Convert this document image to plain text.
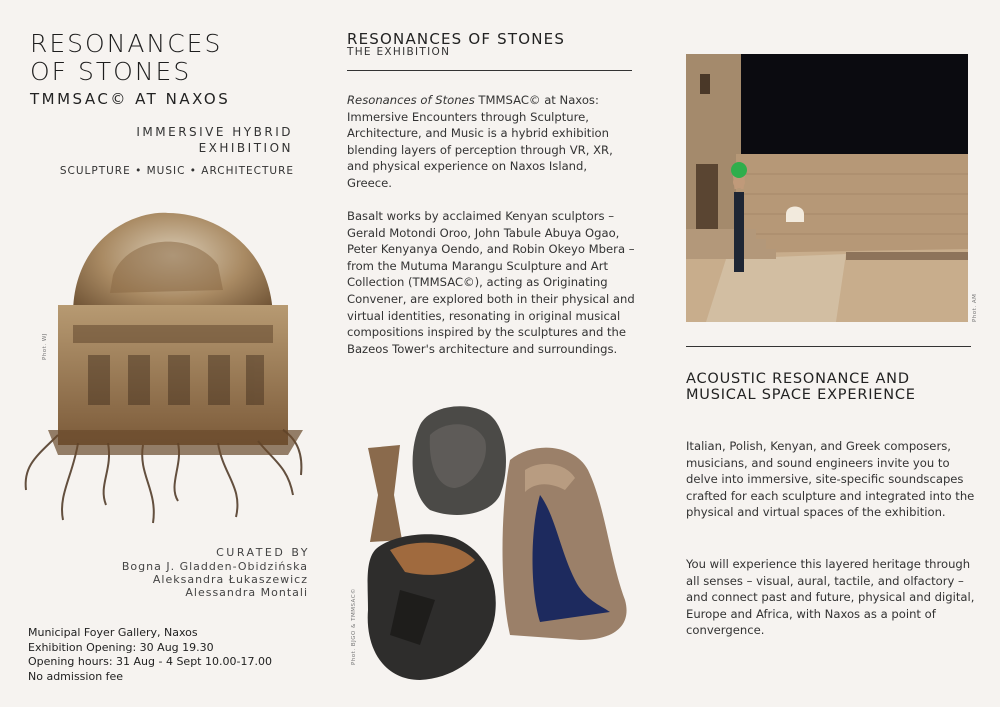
RESONANCES
OF STONES
TMMSAC© AT NAXOS
IMMERSIVE HYBRID
EXHIBITION
SCULPTURE • MUSIC • ARCHITECTURE
Phot. WJ
CURATED BY
Bogna J. Gladden-Obidzińska
Aleksandra Łukaszewicz
Alessandra Montali
Municipal Foyer Gallery, Naxos
Exhibition Opening: 30 Aug 19.30
Opening hours: 31 Aug - 4 Sept 10.00-17.00
No admission fee
RESONANCES OF STONES
THE EXHIBITION
Resonances of Stones TMMSAC© at Naxos: Immersive Encounters through Sculpture, Architecture, and Music is a hybrid exhibition blending layers of perception through VR, XR, and physical experience on Naxos Island, Greece.
Basalt works by acclaimed Kenyan sculptors – Gerald Motondi Oroo, John Tabule Abuya Ogao, Peter Kenyanya Oendo, and Robin Okeyo Mbera – from the Mutuma Marangu Sculpture and Art Collection (TMMSAC©), acting as Originating Convener, are explored both in their physical and virtual identities, resonating in original musical compositions inspired by the sculptures and the Bazeos Tower's architecture and surroundings.
Phot. BJGO & TMMSAC©
Phot. AM
ACOUSTIC RESONANCE AND MUSICAL SPACE EXPERIENCE
Italian, Polish, Kenyan, and Greek composers, musicians, and sound engineers invite you to delve into immersive, site-specific soundscapes crafted for each sculpture and integrated into the physical and virtual spaces of the exhibition.
You will experience this layered heritage through all senses – visual, aural, tactile, and olfactory – and connect past and future, physical and digital, Europe and Africa, with Naxos as a point of convergence.
